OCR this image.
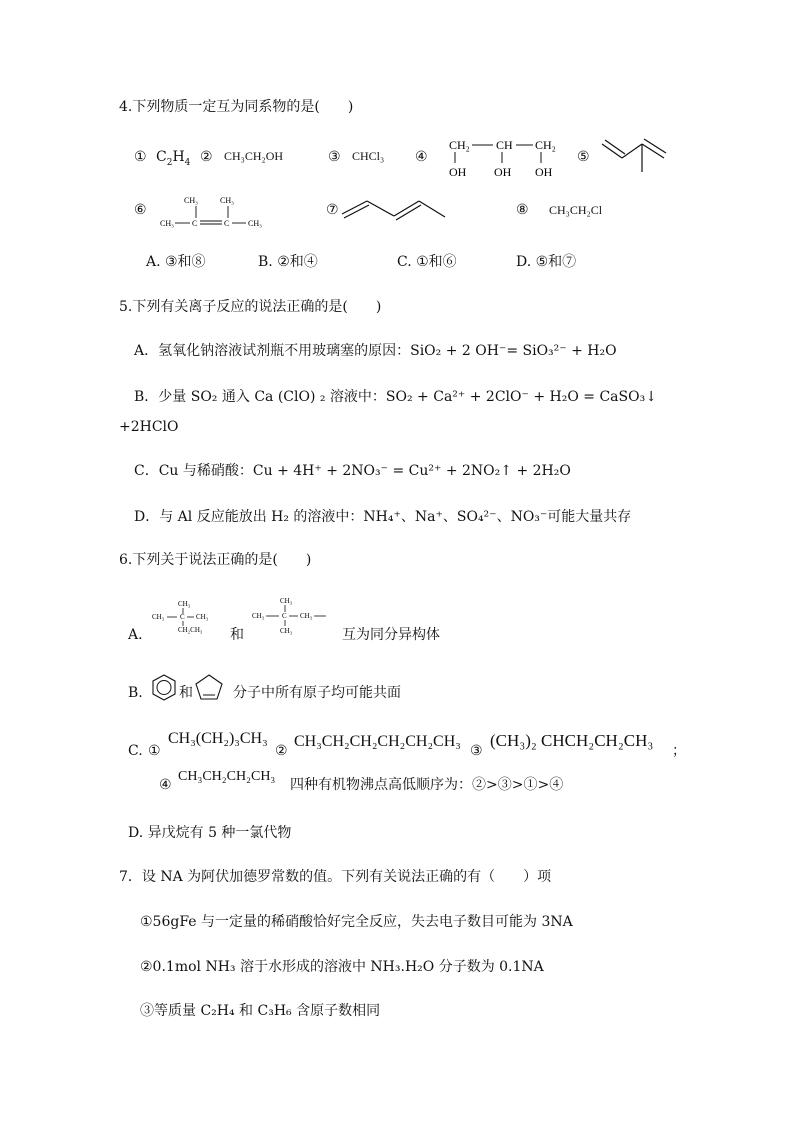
4.下列物质一定互为同系物的是(　　)
① $C_2H_4$ ② CH₃CH₂OH	③ CHCl₃ ④
CH₂ CH CH₂
OH OH OH
⑤
⑥
CH₃	CH₃
CH₃ C	C CH₃
⑦	⑧ CH₃CH₂Cl
A. ③和⑧	B. ②和④	C. ①和⑥	D. ⑤和⑦
5.下列有关离子反应的说法正确的是(　　)
A．氢氧化钠溶液试剂瓶不用玻璃塞的原因：SiO₂ + 2 OH⁻= SiO₃²⁻ + H₂O
B．少量 SO₂ 通入 Ca (ClO) ₂ 溶液中：SO₂ + Ca²⁺ + 2ClO⁻ + H₂O = CaSO₃↓
+2HClO
C．Cu 与稀硝酸：Cu + 4H⁺ + 2NO₃⁻ = Cu²⁺ + 2NO₂↑ + 2H₂O
D．与 Al 反应能放出 H₂ 的溶液中：NH₄⁺、Na⁺、SO₄²⁻、NO₃⁻可能大量共存
6.下列关于说法正确的是(　　)
A.
CH₃
CH₃ C CH₃
CH₂CH₃ 和
CH₃
CH₃	C CH₃
CH₃	互为同分异构体
B.	和	分子中所有原子均可能共面
C. ①
CH₃(CH₂)₃CH₃
②
CH₃CH₂CH₂CH₂CH₂CH₃
③
(CH₃)₂ CHCH₂CH₂CH₃
；
④
CH₃CH₂CH₂CH₃
四种有机物沸点高低顺序为：②>③>①>④
D. 异戊烷有 5 种一氯代物
7．设 NA 为阿伏加德罗常数的值。下列有关说法正确的有（　　）项
①56gFe 与一定量的稀硝酸恰好完全反应，失去电子数目可能为 3NA
②0.1mol NH₃ 溶于水形成的溶液中 NH₃.H₂O 分子数为 0.1NA
③等质量 C₂H₄ 和 C₃H₆ 含原子数相同
